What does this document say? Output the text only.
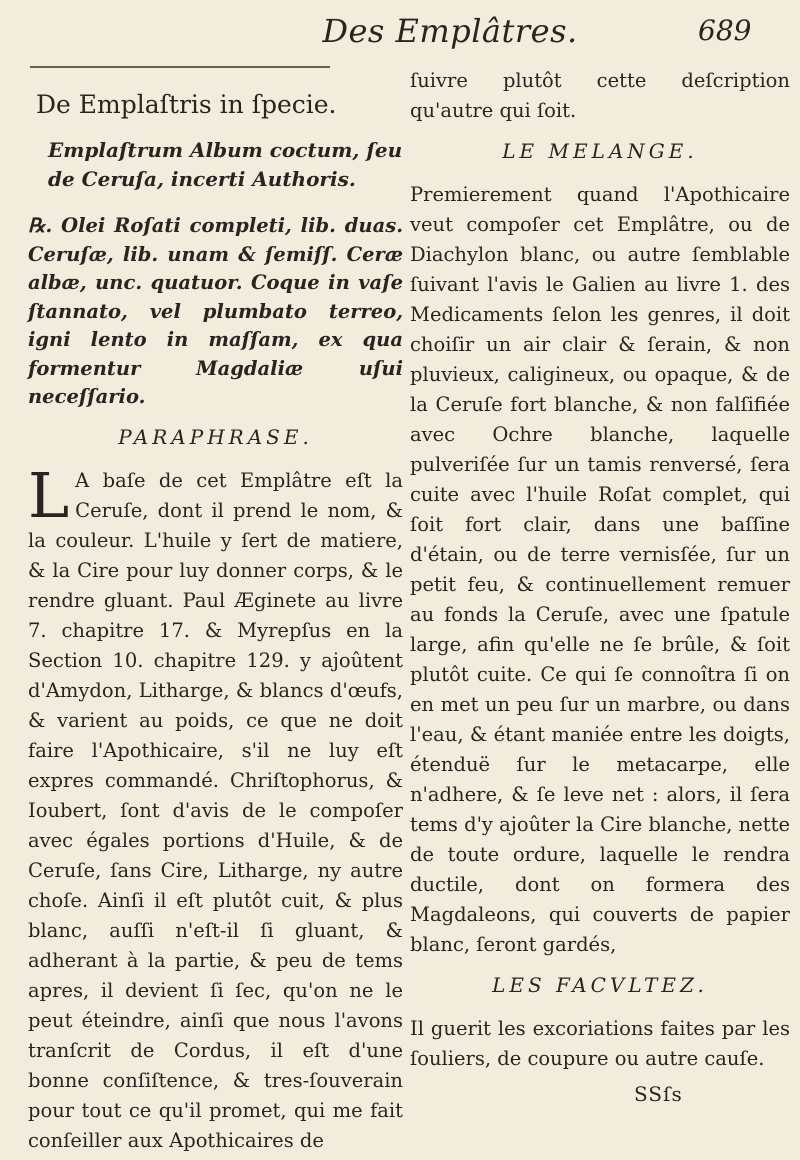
Des Emplâtres.	689
De Emplaſtris in ſpecie.
Emplaſtrum Album coctum, ſeu de Ceruſa, incerti Authoris.

℞. Olei Roſati completi, lib. duas. Ceruſæ, lib. unam & ſemiſſ. Ceræ albæ, unc. quatuor. Coque in vaſe ſtannato, vel plumbato terreo, igni lento in maſſam, ex qua formentur Magdaliæ uſui neceſſario.

PARAPHRASE.

L A baſe de cet Emplâtre eſt la Ceruſe, dont il prend le nom, & la couleur. L'huile y ſert de matiere, & la Cire pour luy donner corps, & le rendre gluant. Paul Æginete au livre 7. chapitre 17. & Myrepſus en la Section 10. chapitre 129. y ajoûtent d'Amydon, Litharge, & blancs d'œufs, & varient au poids, ce que ne doit faire l'Apothicaire, s'il ne luy eſt expres commandé. Chriſtophorus, & Ioubert, ſont d'avis de le compoſer avec égales portions d'Huile, & de Ceruſe, ſans Cire, Litharge, ny autre choſe. Ainſi il eſt plutôt cuit, & plus blanc, auſſi n'eſt-il ſi gluant, & adherant à la partie, & peu de tems apres, il devient ſi ſec, qu'on ne le peut éteindre, ainſi que nous l'avons tranſcrit de Cordus, il eſt d'une bonne conſiſtence, & tres-ſouverain pour tout ce qu'il promet, qui me fait conſeiller aux Apothicaires de

ſuivre plutôt cette deſcription qu'autre qui ſoit.

LE MELANGE.

Premierement quand l'Apothicaire veut compoſer cet Emplâtre, ou de Diachylon blanc, ou autre ſemblable ſuivant l'avis le Galien au livre 1. des Medicaments ſelon les genres, il doit choiſir un air clair & ſerain, & non pluvieux, caligineux, ou opaque, & de la Ceruſe fort blanche, & non falſifiée avec Ochre blanche, laquelle pulveriſée ſur un tamis renversé, ſera cuite avec l'huile Roſat complet, qui ſoit fort clair, dans une baſſine d'étain, ou de terre vernisſée, ſur un petit feu, & continuellement remuer au fonds la Ceruſe, avec une ſpatule large, afin qu'elle ne ſe brûle, & ſoit plutôt cuite. Ce qui ſe connoîtra ſi on en met un peu ſur un marbre, ou dans l'eau, & étant maniée entre les doigts, étenduë ſur le metacarpe, elle n'adhere, & ſe leve net : alors, il ſera tems d'y ajoûter la Cire blanche, nette de toute ordure, laquelle le rendra ductile, dont on formera des Magdaleons, qui couverts de papier blanc, ſeront gardés,

LES FACVLTEZ.

Il guerit les excoriations faites par les ſouliers, de coupure ou autre cauſe.

SSſs
